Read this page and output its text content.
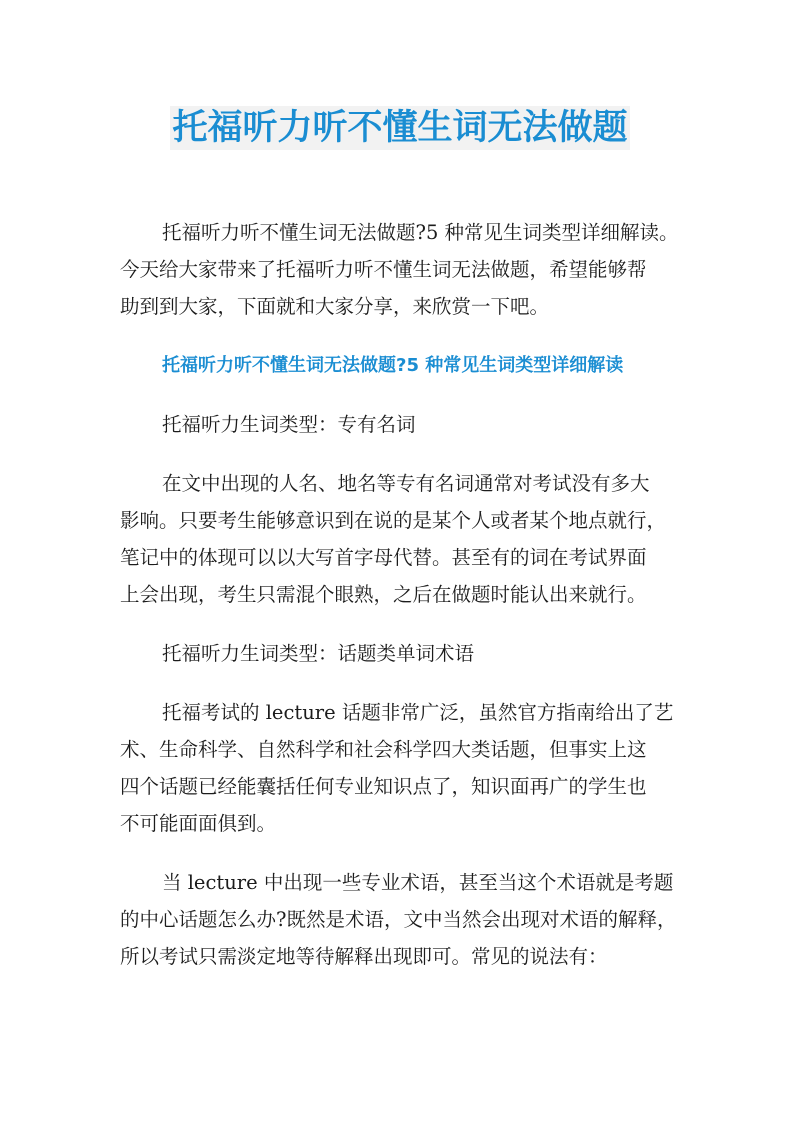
托福听力听不懂生词无法做题
托福听力听不懂生词无法做题?5 种常见生词类型详细解读。
今天给大家带来了托福听力听不懂生词无法做题，希望能够帮
助到到大家，下面就和大家分享，来欣赏一下吧。
托福听力听不懂生词无法做题?5 种常见生词类型详细解读
托福听力生词类型：专有名词
在文中出现的人名、地名等专有名词通常对考试没有多大
影响。只要考生能够意识到在说的是某个人或者某个地点就行，
笔记中的体现可以以大写首字母代替。甚至有的词在考试界面
上会出现，考生只需混个眼熟，之后在做题时能认出来就行。
托福听力生词类型：话题类单词术语
托福考试的 lecture 话题非常广泛，虽然官方指南给出了艺
术、生命科学、自然科学和社会科学四大类话题，但事实上这
四个话题已经能囊括任何专业知识点了，知识面再广的学生也
不可能面面俱到。
当 lecture 中出现一些专业术语，甚至当这个术语就是考题
的中心话题怎么办?既然是术语，文中当然会出现对术语的解释，
所以考试只需淡定地等待解释出现即可。常见的说法有：
